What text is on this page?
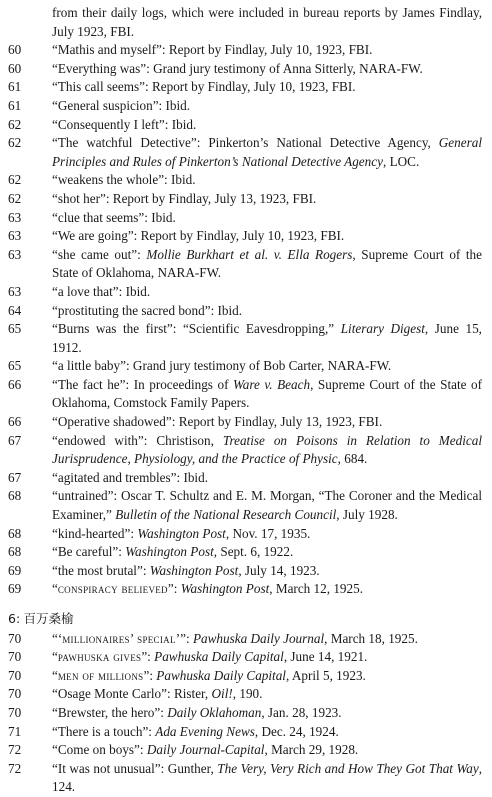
from their daily logs, which were included in bureau reports by James Findlay, July 1923, FBI.
60	“Mathis and myself”: Report by Findlay, July 10, 1923, FBI.
60	“Everything was”: Grand jury testimony of Anna Sitterly, NARA-FW.
61	“This call seems”: Report by Findlay, July 10, 1923, FBI.
61	“General suspicion”: Ibid.
62	“Consequently I left”: Ibid.
62	“The watchful Detective”: Pinkerton’s National Detective Agency, General Principles and Rules of Pinkerton’s National Detective Agency, LOC.
62	“weakens the whole”: Ibid.
62	“shot her”: Report by Findlay, July 13, 1923, FBI.
63	“clue that seems”: Ibid.
63	“We are going”: Report by Findlay, July 10, 1923, FBI.
63	“she came out”: Mollie Burkhart et al. v. Ella Rogers, Supreme Court of the State of Oklahoma, NARA-FW.
63	“a love that”: Ibid.
64	“prostituting the sacred bond”: Ibid.
65	“Burns was the first”: “Scientific Eavesdropping,” Literary Digest, June 15, 1912.
65	“a little baby”: Grand jury testimony of Bob Carter, NARA-FW.
66	“The fact he”: In proceedings of Ware v. Beach, Supreme Court of the State of Oklahoma, Comstock Family Papers.
66	“Operative shadowed”: Report by Findlay, July 13, 1923, FBI.
67	“endowed with”: Christison, Treatise on Poisons in Relation to Medical Jurisprudence, Physiology, and the Practice of Physic, 684.
67	“agitated and trembles”: Ibid.
68	“untrained”: Oscar T. Schultz and E. M. Morgan, “The Coroner and the Medical Examiner,” Bulletin of the National Research Council, July 1928.
68	“kind-hearted”: Washington Post, Nov. 17, 1935.
68	“Be careful”: Washington Post, Sept. 6, 1922.
69	“the most brutal”: Washington Post, July 14, 1923.
69	“conspiracy believed”: Washington Post, March 12, 1925.
6:
百万桑榆
70	“‘millionaires’ special’”: Pawhuska Daily Journal, March 18, 1925.
70	“pawhuska gives”: Pawhuska Daily Capital, June 14, 1921.
70	“men of millions”: Pawhuska Daily Capital, April 5, 1923.
70	“Osage Monte Carlo”: Rister, Oil!, 190.
70	“Brewster, the hero”: Daily Oklahoman, Jan. 28, 1923.
71	“There is a touch”: Ada Evening News, Dec. 24, 1924.
72	“Come on boys”: Daily Journal-Capital, March 29, 1928.
72	“It was not unusual”: Gunther, The Very, Very Rich and How They Got That Way, 124.
